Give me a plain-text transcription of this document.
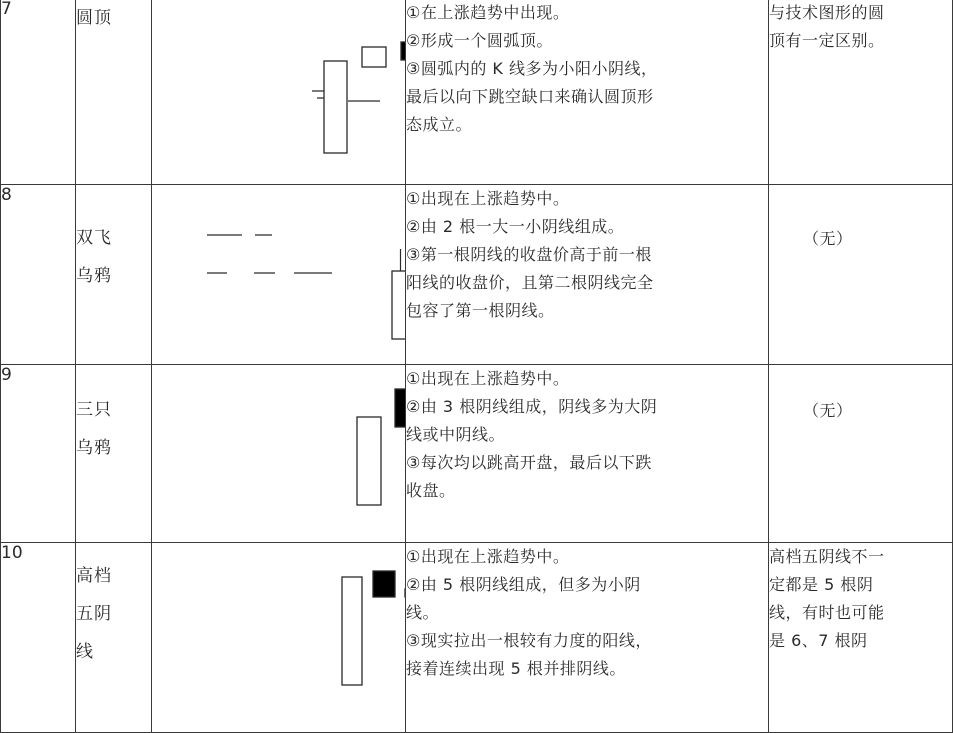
7	圆顶		①在上涨趋势中出现。
②形成一个圆弧顶。
③圆弧内的 K 线多为小阳小阴线，
最后以向下跳空缺口来确认圆顶形
态成立。	与技术图形的圆
顶有一定区别。

8	双飞
乌鸦		①出现在上涨趋势中。
②由 2 根一大一小阴线组成。
③第一根阴线的收盘价高于前一根
阳线的收盘价，且第二根阴线完全
包容了第一根阴线。	（无）

9	三只
乌鸦		①出现在上涨趋势中。
②由 3 根阴线组成，阴线多为大阴
线或中阴线。
③每次均以跳高开盘，最后以下跌
收盘。	（无）

10	高档
五阴
线		①出现在上涨趋势中。
②由 5 根阴线组成，但多为小阴
线。
③现实拉出一根较有力度的阳线，
接着连续出现 5 根并排阴线。	高档五阴线不一
定都是 5 根阴
线，有时也可能
是 6、7 根阴
